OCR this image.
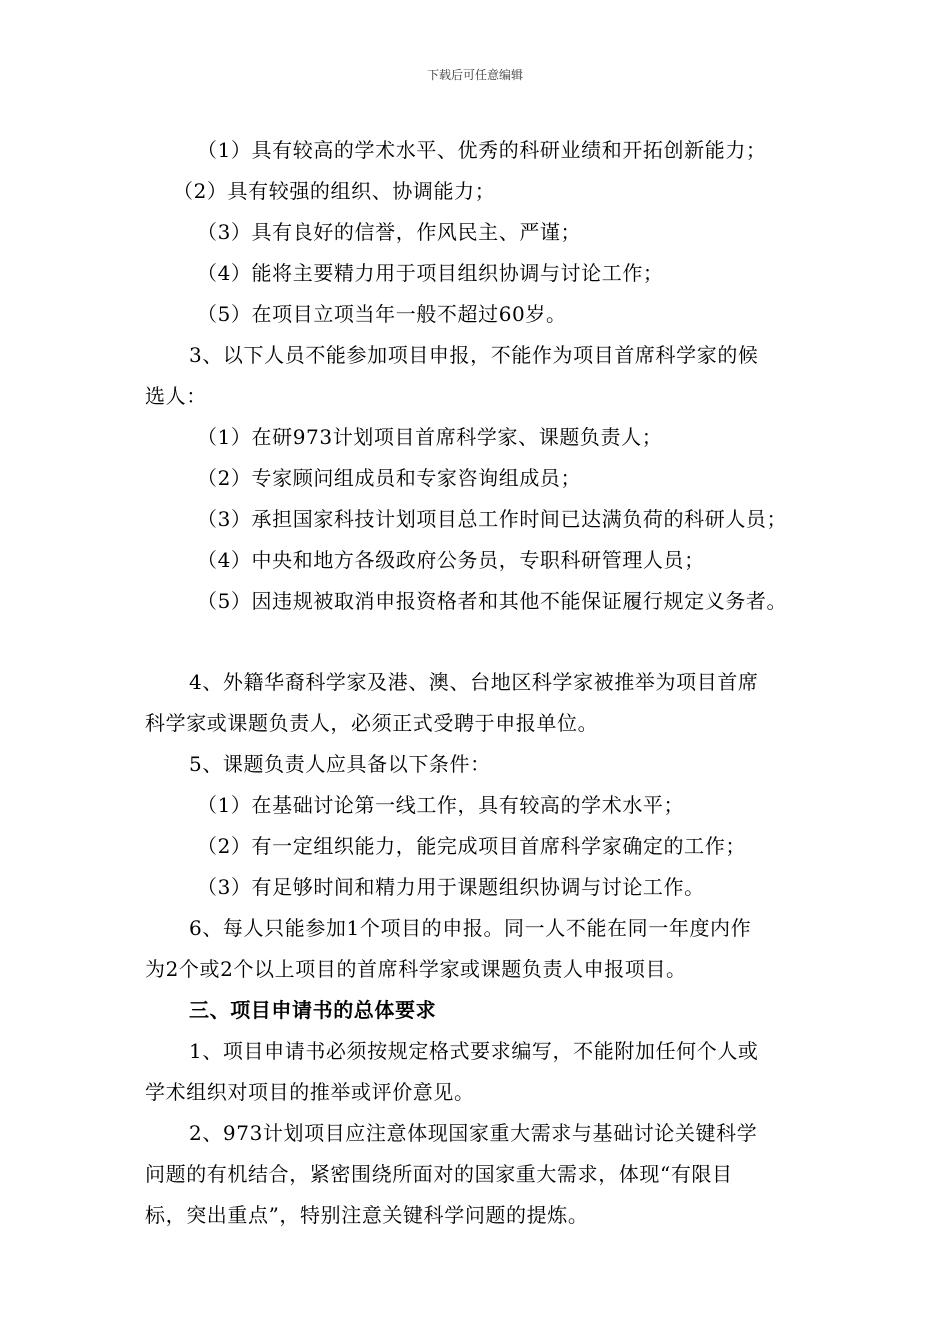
下载后可任意编辑
（1）具有较高的学术水平、优秀的科研业绩和开拓创新能力；
（2）具有较强的组织、协调能力；
（3）具有良好的信誉，作风民主、严谨；
（4）能将主要精力用于项目组织协调与讨论工作；
（5）在项目立项当年一般不超过60岁。
3、以下人员不能参加项目申报，不能作为项目首席科学家的候
选人：
（1）在研973计划项目首席科学家、课题负责人；
（2）专家顾问组成员和专家咨询组成员；
（3）承担国家科技计划项目总工作时间已达满负荷的科研人员；
（4）中央和地方各级政府公务员，专职科研管理人员；
（5）因违规被取消申报资格者和其他不能保证履行规定义务者。
4、外籍华裔科学家及港、澳、台地区科学家被推举为项目首席
科学家或课题负责人，必须正式受聘于申报单位。
5、课题负责人应具备以下条件：
（1）在基础讨论第一线工作，具有较高的学术水平；
（2）有一定组织能力，能完成项目首席科学家确定的工作；
（3）有足够时间和精力用于课题组织协调与讨论工作。
6、每人只能参加1个项目的申报。同一人不能在同一年度内作
为2个或2个以上项目的首席科学家或课题负责人申报项目。
三、项目申请书的总体要求
1、项目申请书必须按规定格式要求编写，不能附加任何个人或
学术组织对项目的推举或评价意见。
2、973计划项目应注意体现国家重大需求与基础讨论关键科学
问题的有机结合，紧密围绕所面对的国家重大需求，体现“有限目
标，突出重点”，特别注意关键科学问题的提炼。
